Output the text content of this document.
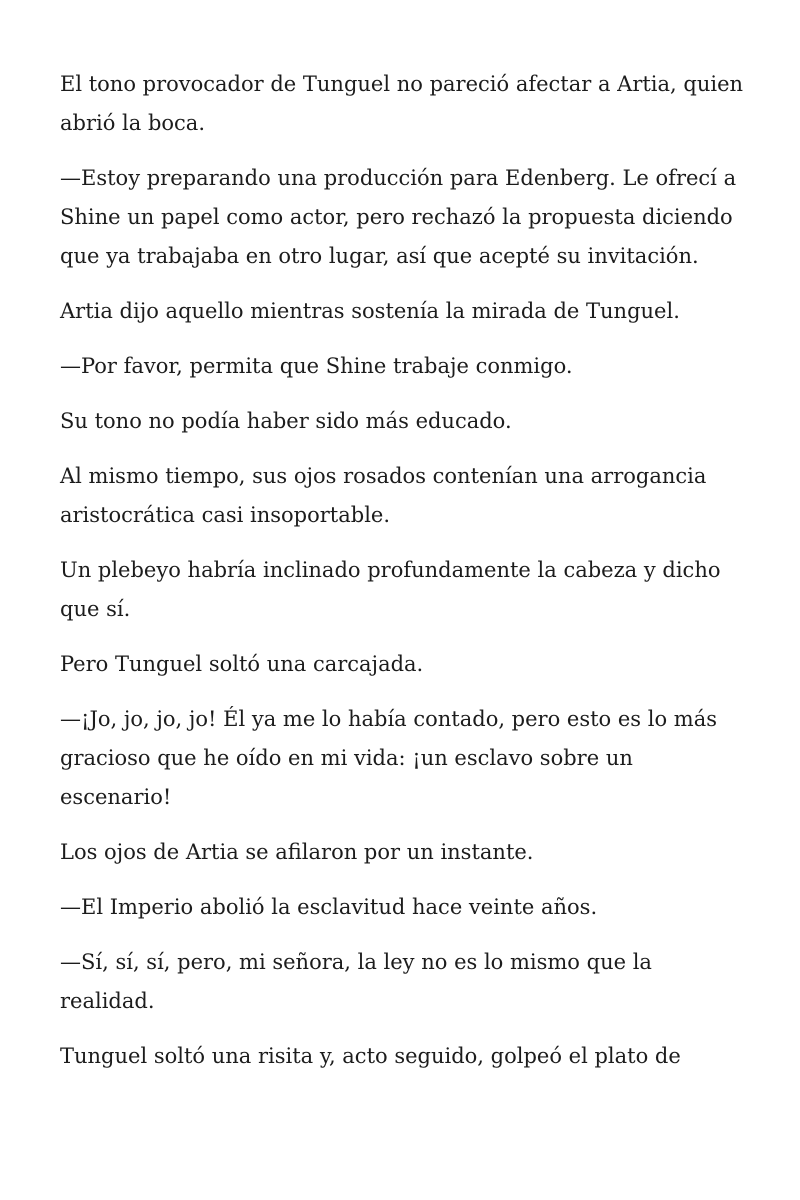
El tono provocador de Tunguel no pareció afectar a Artia, quien abrió la boca.

—Estoy preparando una producción para Edenberg. Le ofrecí a Shine un papel como actor, pero rechazó la propuesta diciendo que ya trabajaba en otro lugar, así que acepté su invitación.

Artia dijo aquello mientras sostenía la mirada de Tunguel.

—Por favor, permita que Shine trabaje conmigo.

Su tono no podía haber sido más educado.

Al mismo tiempo, sus ojos rosados contenían una arrogancia aristocrática casi insoportable.

Un plebeyo habría inclinado profundamente la cabeza y dicho que sí.

Pero Tunguel soltó una carcajada.

—¡Jo, jo, jo, jo! Él ya me lo había contado, pero esto es lo más gracioso que he oído en mi vida: ¡un esclavo sobre un escenario!

Los ojos de Artia se afilaron por un instante.

—El Imperio abolió la esclavitud hace veinte años.

—Sí, sí, sí, pero, mi señora, la ley no es lo mismo que la realidad.

Tunguel soltó una risita y, acto seguido, golpeó el plato de
